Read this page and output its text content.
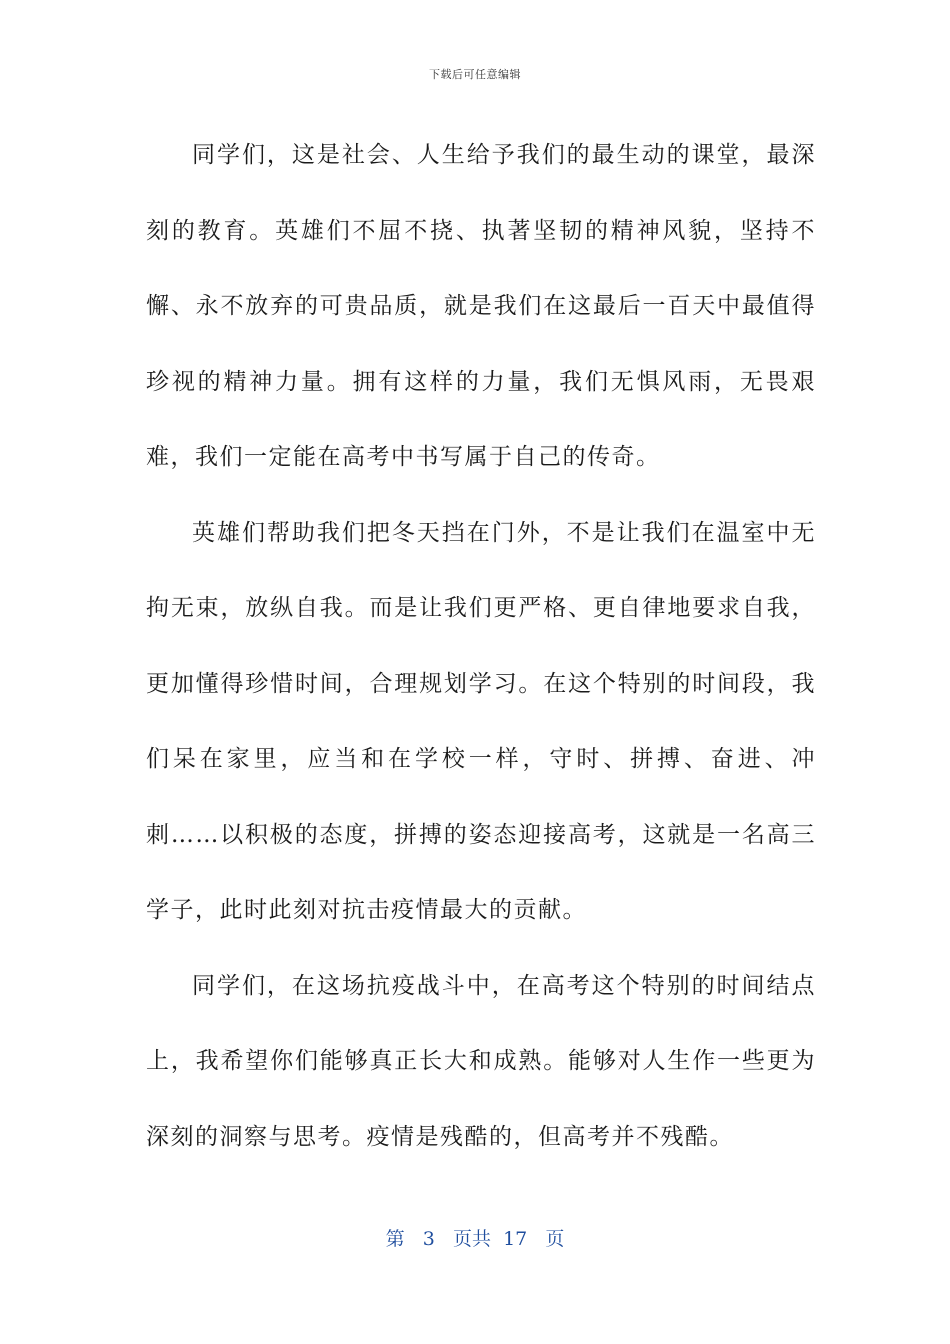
下载后可任意编辑

同学们，这是社会、人生给予我们的最生动的课堂，最深刻的教育。英雄们不屈不挠、执著坚韧的精神风貌，坚持不懈、永不放弃的可贵品质，就是我们在这最后一百天中最值得珍视的精神力量。拥有这样的力量，我们无惧风雨，无畏艰难，我们一定能在高考中书写属于自己的传奇。

英雄们帮助我们把冬天挡在门外，不是让我们在温室中无拘无束，放纵自我。而是让我们更严格、更自律地要求自我，更加懂得珍惜时间，合理规划学习。在这个特别的时间段，我们呆在家里，应当和在学校一样，守时、拼搏、奋进、冲刺……以积极的态度，拼搏的姿态迎接高考，这就是一名高三学子，此时此刻对抗击疫情最大的贡献。

同学们，在这场抗疫战斗中，在高考这个特别的时间结点上，我希望你们能够真正长大和成熟。能够对人生作一些更为深刻的洞察与思考。疫情是残酷的，但高考并不残酷。

第 3 页共 17 页
